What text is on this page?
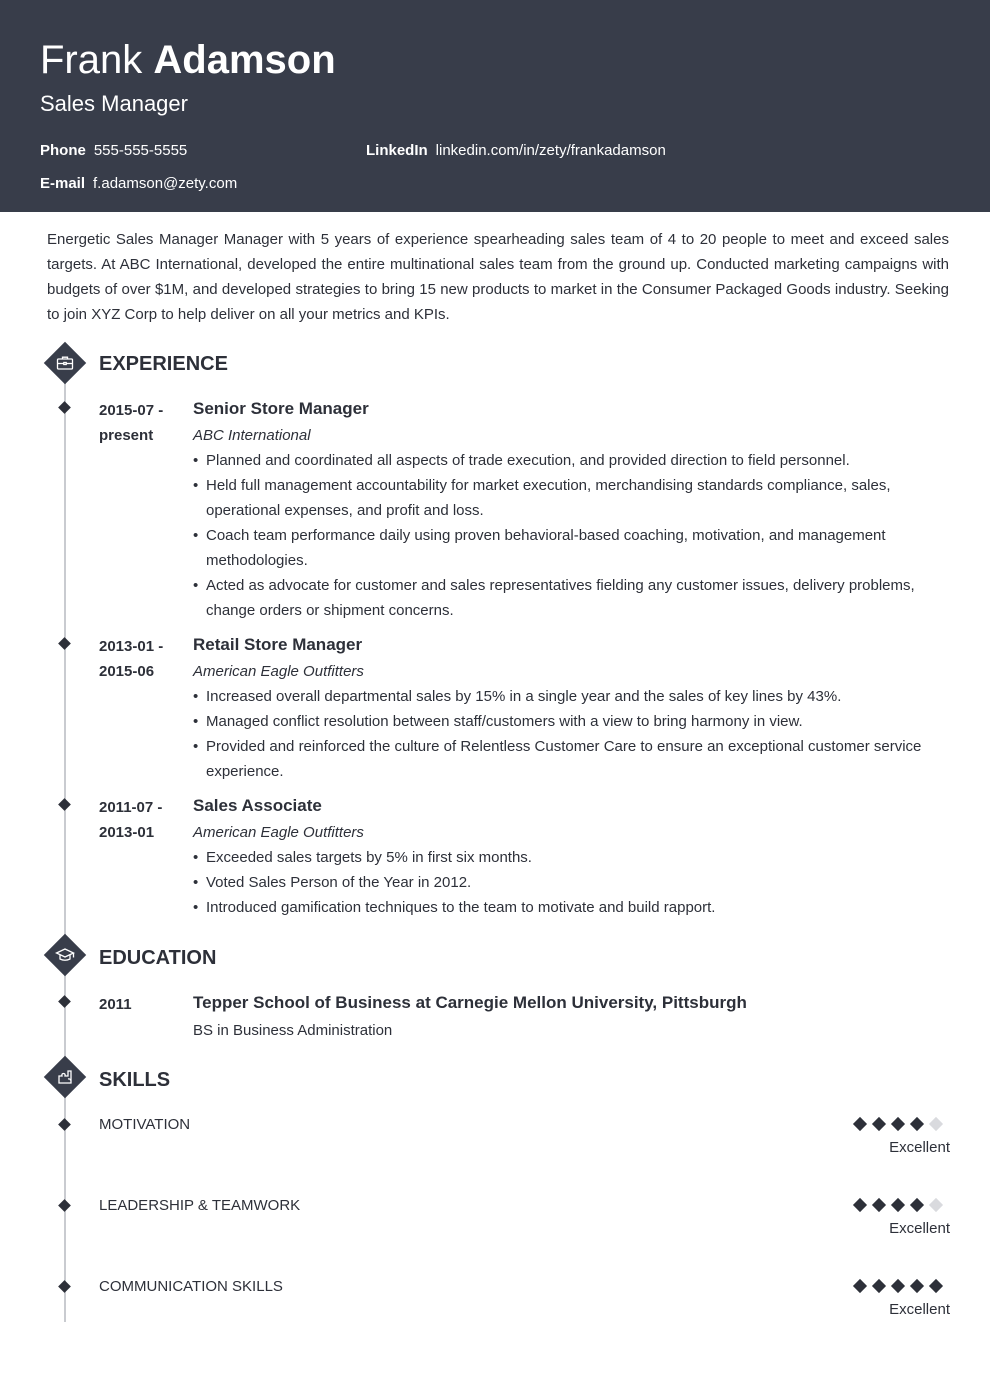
Frank Adamson
Sales Manager
Phone 555-555-5555	LinkedIn linkedin.com/in/zety/frankadamson
E-mail f.adamson@zety.com

Energetic Sales Manager Manager with 5 years of experience spearheading sales team of 4 to 20 people to meet and exceed sales targets. At ABC International, developed the entire multinational sales team from the ground up. Conducted marketing campaigns with budgets of over $1M, and developed strategies to bring 15 new products to market in the Consumer Packaged Goods industry. Seeking to join XYZ Corp to help deliver on all your metrics and KPIs.

EXPERIENCE
2015-07 -
present
Senior Store Manager
ABC International
• Planned and coordinated all aspects of trade execution, and provided direction to field personnel.
• Held full management accountability for market execution, merchandising standards compliance, sales, operational expenses, and profit and loss.
• Coach team performance daily using proven behavioral-based coaching, motivation, and management methodologies.
• Acted as advocate for customer and sales representatives fielding any customer issues, delivery problems, change orders or shipment concerns.
2013-01 -
2015-06
Retail Store Manager
American Eagle Outfitters
• Increased overall departmental sales by 15% in a single year and the sales of key lines by 43%.
• Managed conflict resolution between staff/customers with a view to bring harmony in view.
• Provided and reinforced the culture of Relentless Customer Care to ensure an exceptional customer service experience.
2011-07 -
2013-01
Sales Associate
American Eagle Outfitters
• Exceeded sales targets by 5% in first six months.
• Voted Sales Person of the Year in 2012.
• Introduced gamification techniques to the team to motivate and build rapport.
EDUCATION
2011	Tepper School of Business at Carnegie Mellon University, Pittsburgh
BS in Business Administration
SKILLS
MOTIVATION
Excellent
LEADERSHIP & TEAMWORK
Excellent
COMMUNICATION SKILLS
Excellent
